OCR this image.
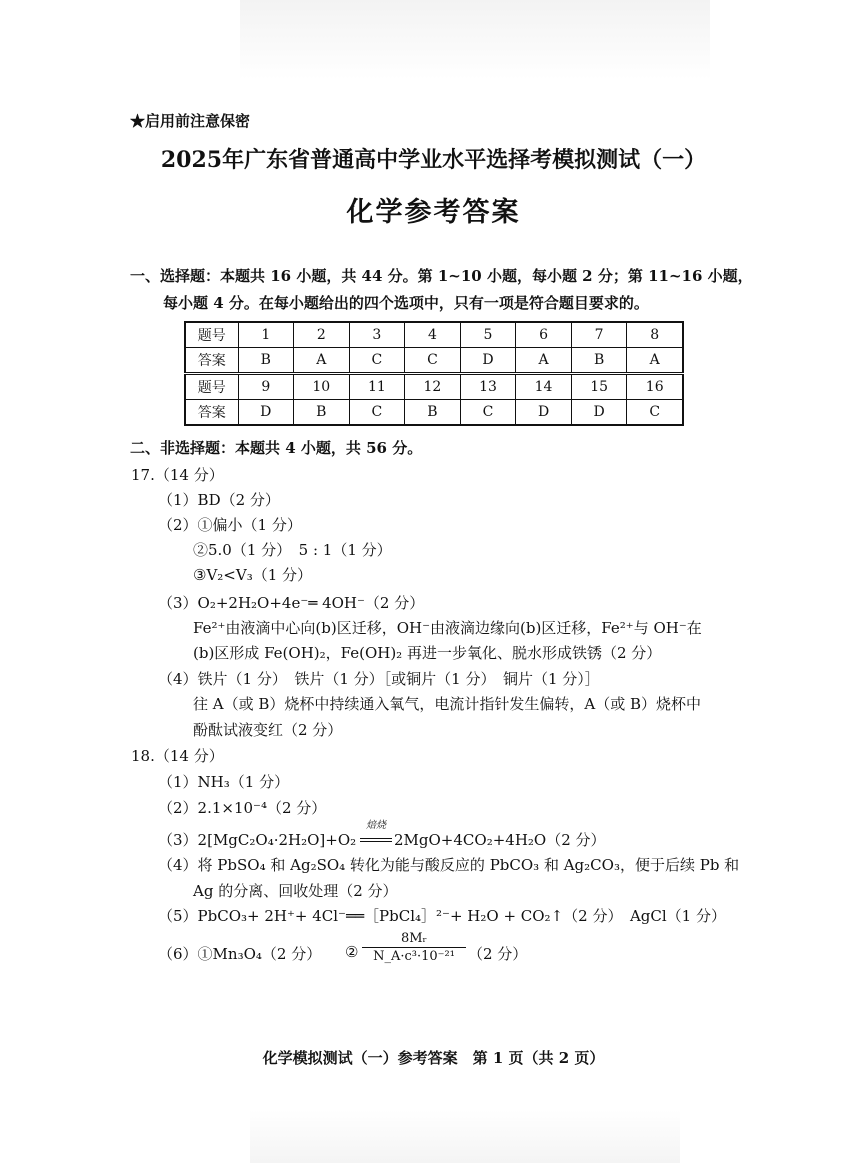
★启用前注意保密
2025年广东省普通高中学业水平选择考模拟测试（一）
化学参考答案
一、选择题：本题共 16 小题，共 44 分。第 1~10 小题，每小题 2 分；第 11~16 小题，
每小题 4 分。在每小题给出的四个选项中，只有一项是符合题目要求的。
题号	1	2	3	4	5	6	7	8
答案	B	A	C	C	D	A	B	A
题号	9	10	11	12	13	14	15	16
答案	D	B	C	B	C	D	D	C
二、非选择题：本题共 4 小题，共 56 分。
17.（14 分）
（1）BD（2 分）
（2）①偏小（1 分）
②5.0（1 分）　5 : 1（1 分）
③V₂<V₃（1 分）
（3）O₂+2H₂O+4e⁻═ 4OH⁻（2 分）
Fe²⁺由液滴中心向(b)区迁移，OH⁻由液滴边缘向(b)区迁移，Fe²⁺与 OH⁻在
(b)区形成 Fe(OH)₂，Fe(OH)₂ 再进一步氧化、脱水形成铁锈（2 分）
（4）铁片（1 分）　铁片（1 分）［或铜片（1 分）　铜片（1 分）］
往 A（或 B）烧杯中持续通入氧气，电流计指针发生偏转，A（或 B）烧杯中
酚酞试液变红（2 分）
18.（14 分）
（1）NH₃（1 分）
（2）2.1×10⁻⁴（2 分）
（3）2[MgC₂O₄·2H₂O]+O₂
焙烧
2MgO+4CO₂+4H₂O（2 分）
（4）将 PbSO₄ 和 Ag₂SO₄ 转化为能与酸反应的 PbCO₃ 和 Ag₂CO₃，便于后续 Pb 和
Ag 的分离、回收处理（2 分）
（5）PbCO₃+ 2H⁺+ 4Cl⁻══［PbCl₄］²⁻+ H₂O + CO₂↑（2 分）　AgCl（1 分）
（6）①Mn₃O₄（2 分） ② $\frac{\text{8Mᵣ}}{\text{N\_A·c³·10⁻²¹}} (2$ 分）
化学模拟测试（一）参考答案　第 1 页（共 2 页）
